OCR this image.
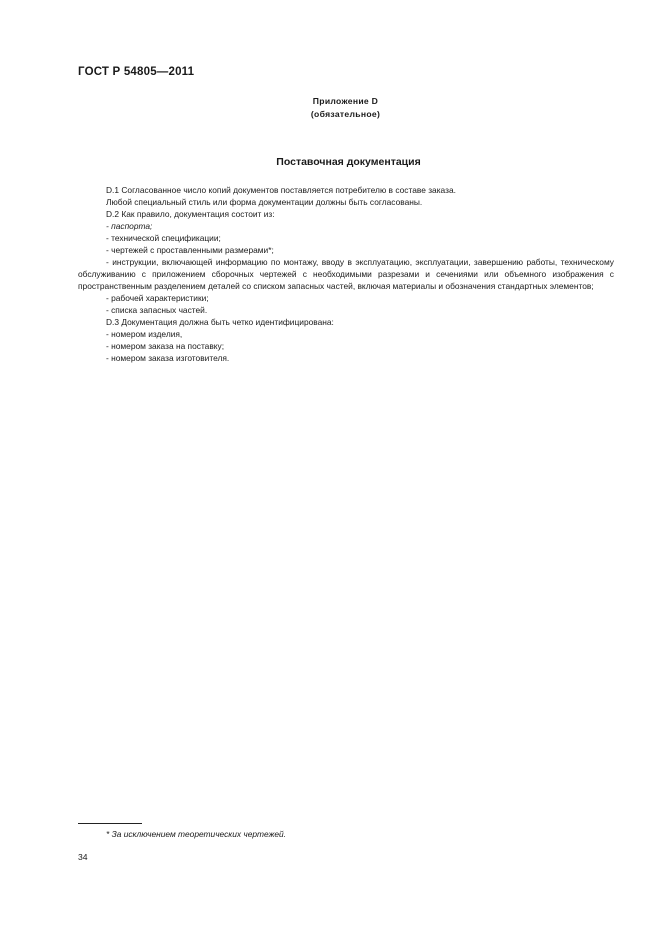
ГОСТ Р 54805—2011
Приложение D
(обязательное)
Поставочная документация

D.1 Согласованное число копий документов поставляется потребителю в составе заказа.

Любой специальный стиль или форма документации должны быть согласованы.

D.2 Как правило, документация состоит из:

- паспорта;

- технической спецификации;

- чертежей с проставленными размерами*;

- инструкции, включающей информацию по монтажу, вводу в эксплуатацию, эксплуатации, завершению работы, техническому обслуживанию с приложением сборочных чертежей с необходимыми разрезами и сечениями или объемного изображения с пространственным разделением деталей со списком запасных частей, включая материалы и обозначения стандартных элементов;

- рабочей характеристики;

- списка запасных частей.

D.3 Документация должна быть четко идентифицирована:

- номером изделия,

- номером заказа на поставку;

- номером заказа изготовителя.

* За исключением теоретических чертежей.
34
